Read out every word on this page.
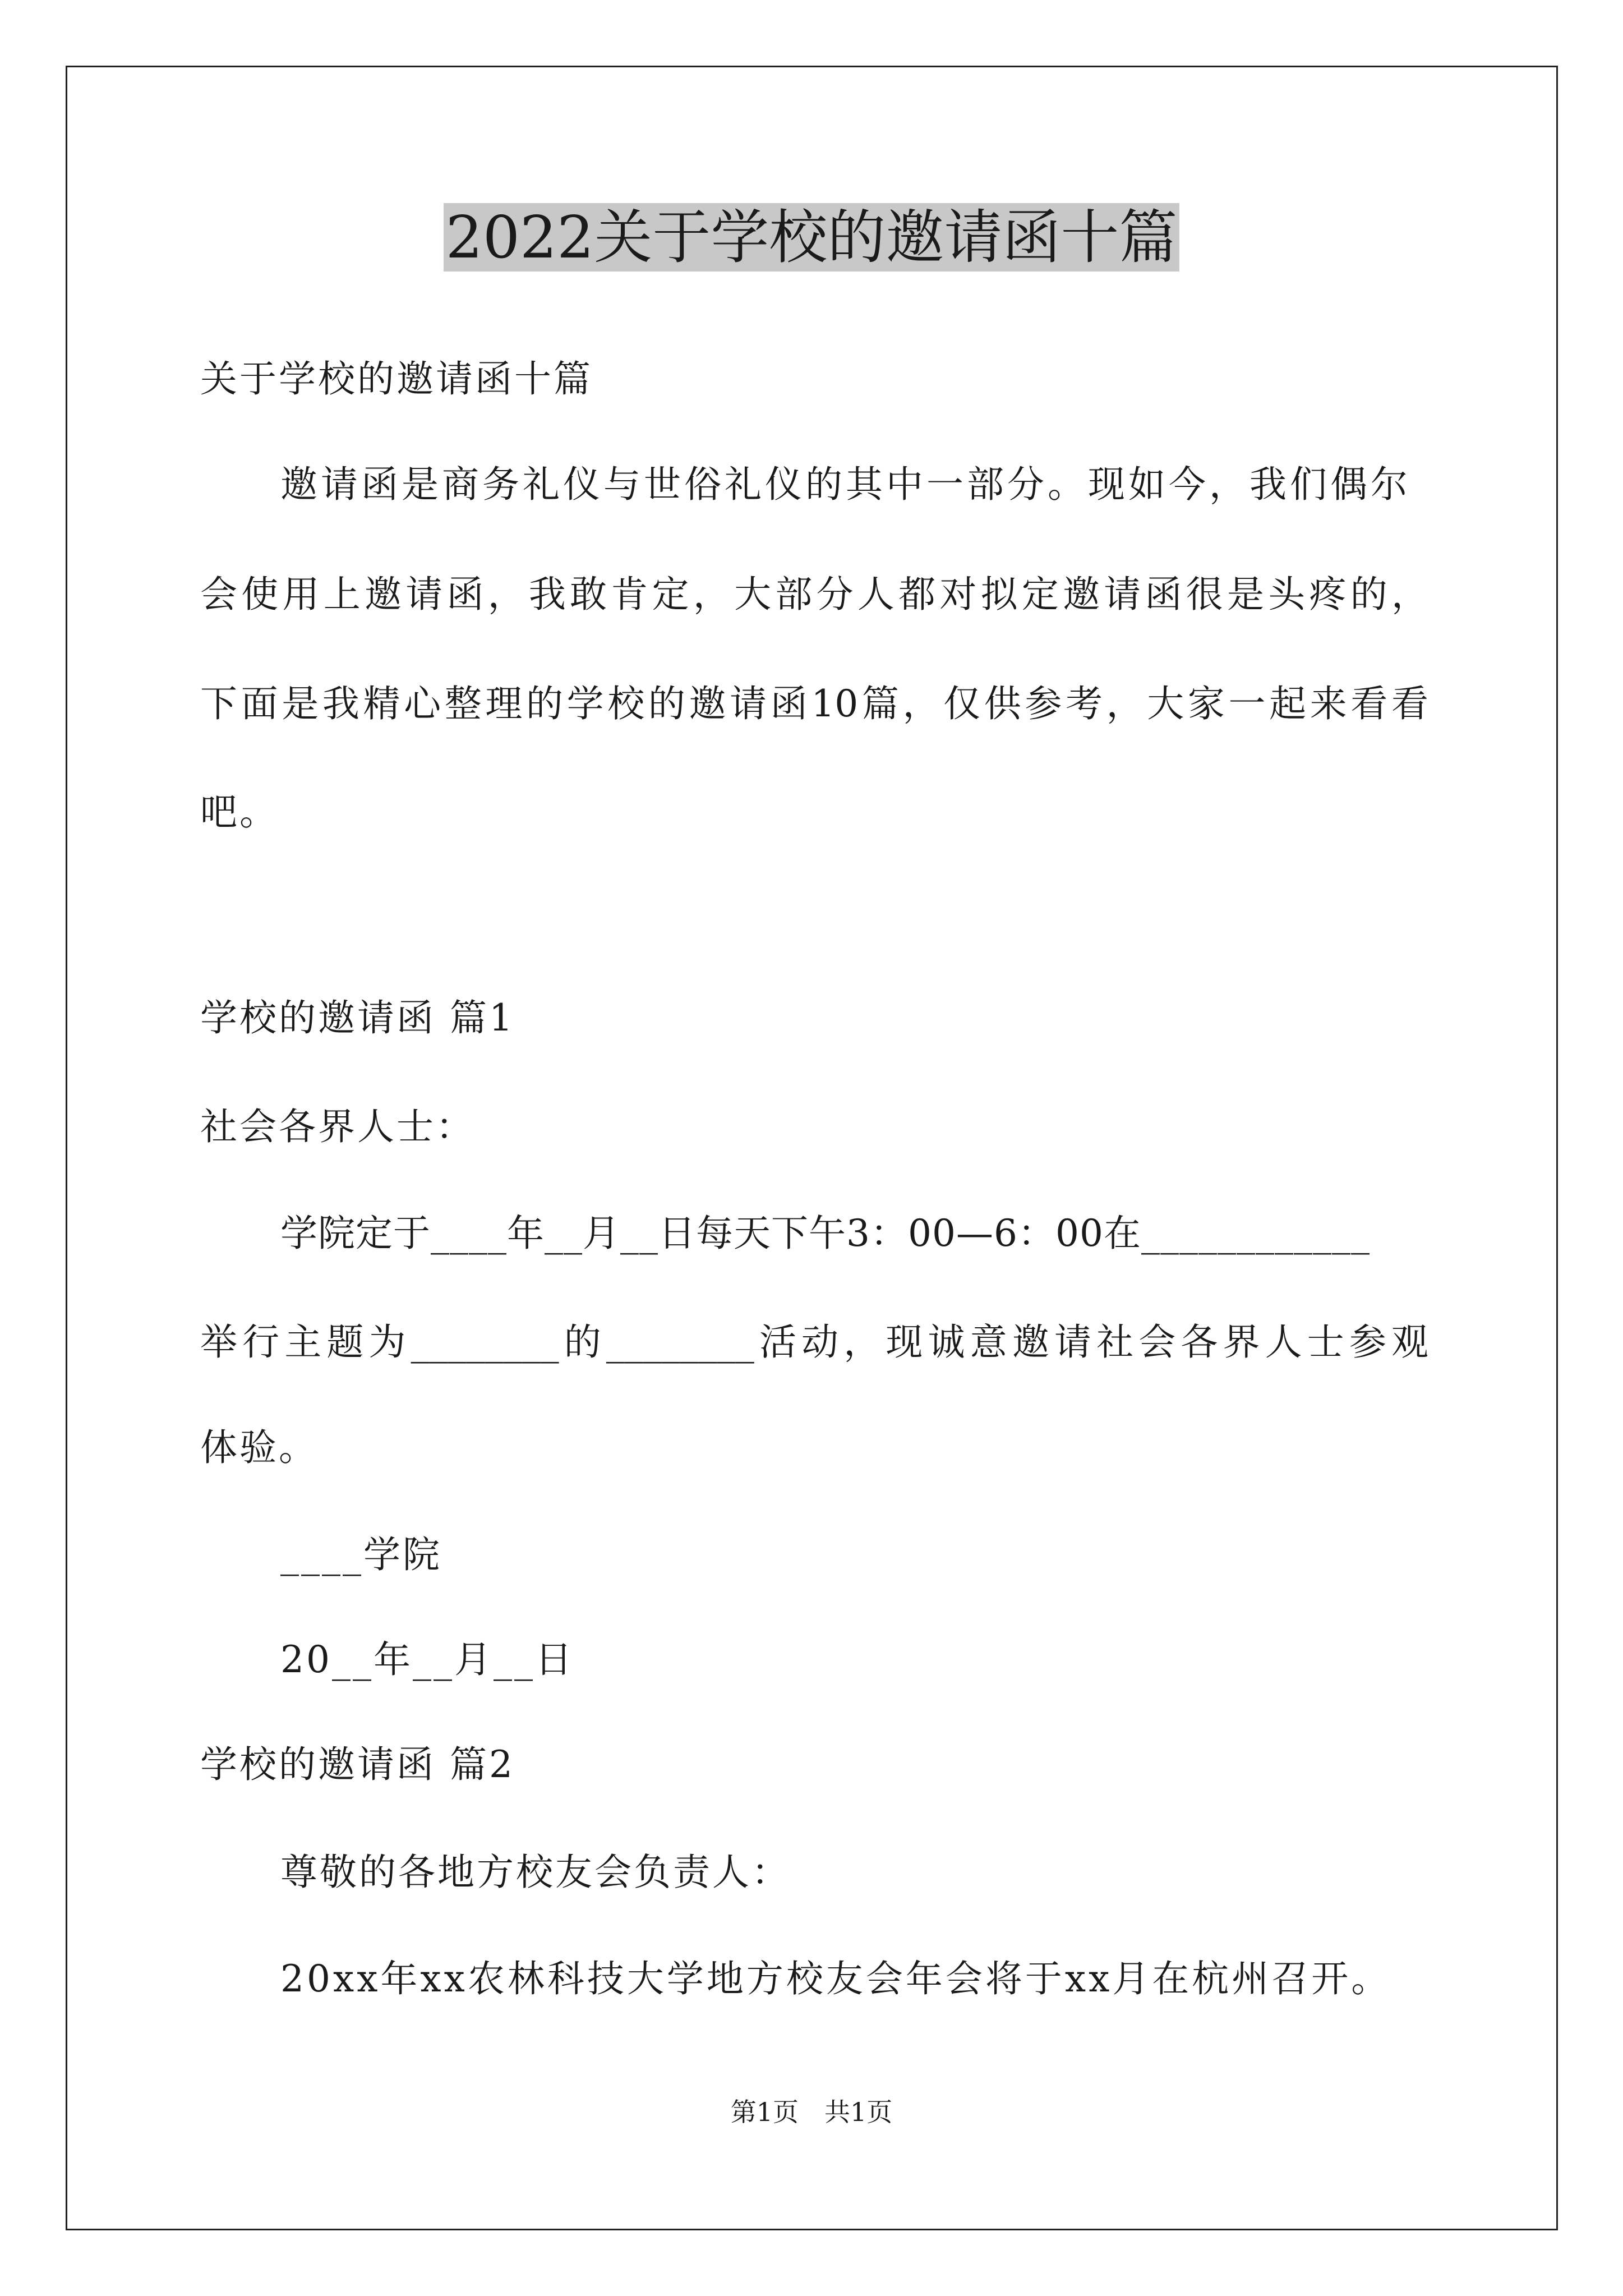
2022关于学校的邀请函十篇
关于学校的邀请函十篇
邀请函是商务礼仪与世俗礼仪的其中一部分。现如今，我们偶尔
会使用上邀请函，我敢肯定，大部分人都对拟定邀请函很是头疼的，
下面是我精心整理的学校的邀请函10篇，仅供参考，大家一起来看看
吧。
学校的邀请函 篇1
社会各界人士：
学院定于____年__月__日每天下午3：00—6：00在____________
举行主题为________的________活动，现诚意邀请社会各界人士参观
体验。
____学院
20__年__月__日
学校的邀请函 篇2
尊敬的各地方校友会负责人：
20xx年xx农林科技大学地方校友会年会将于xx月在杭州召开。
第1页　共1页
